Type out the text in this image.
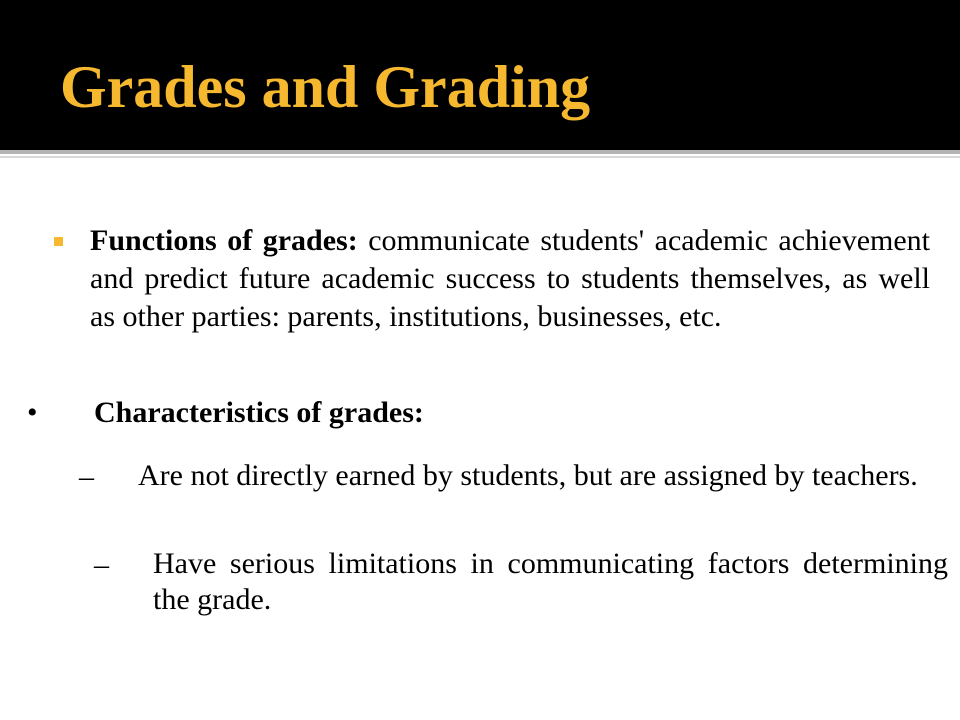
Grades and Grading

Functions of grades: communicate students' academic achievement and predict future academic success to students themselves, as well as other parties: parents, institutions, businesses, etc.

• Characteristics of grades:

– Are not directly earned by students, but are assigned by teachers.

– Have serious limitations in communicating factors determining the grade.
